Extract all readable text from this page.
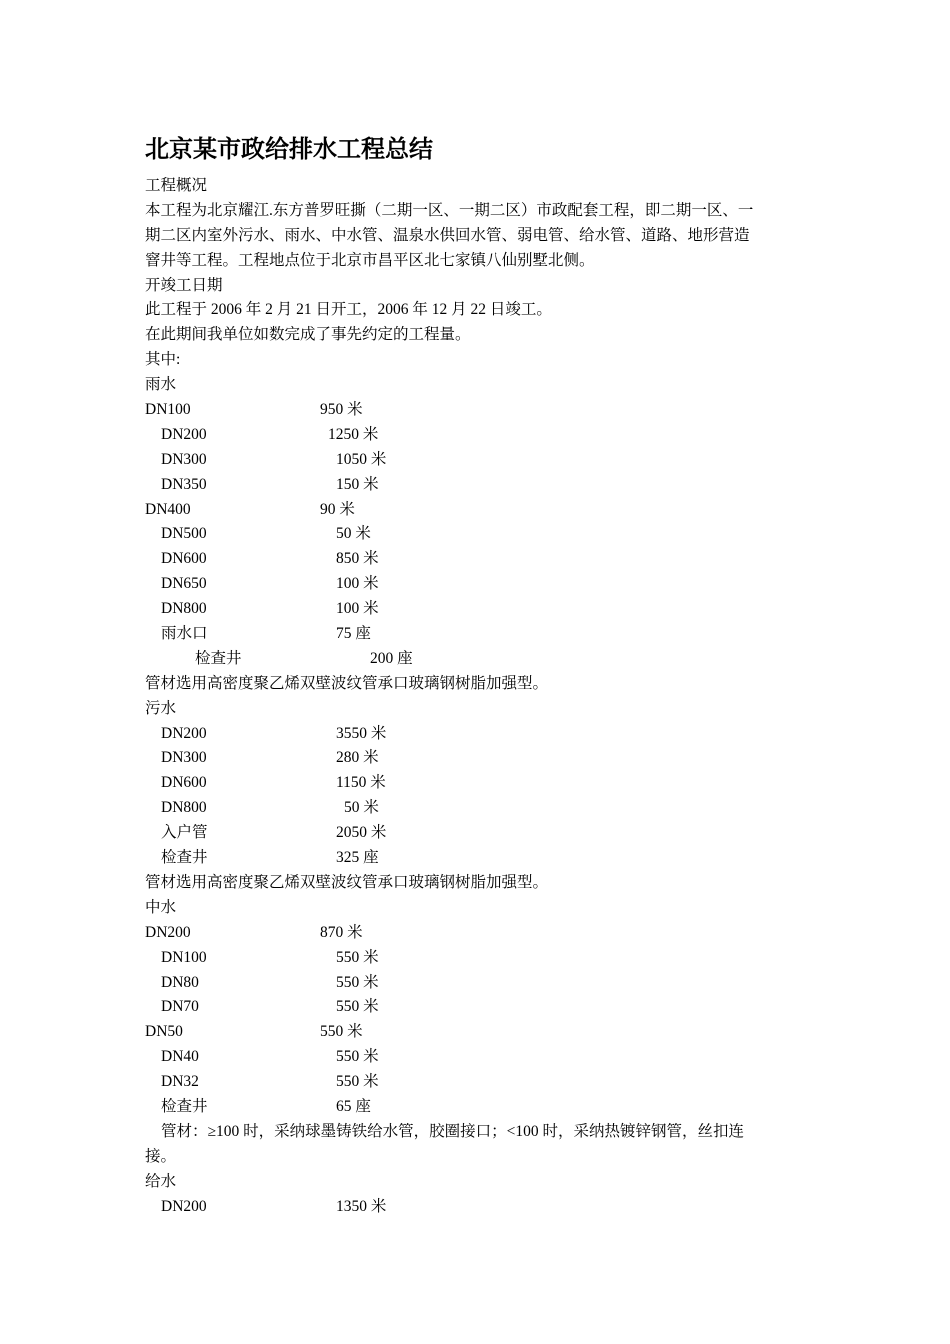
北京某市政给排水工程总结
工程概况
本工程为北京耀江.东方普罗旺撕（二期一区、一期二区）市政配套工程，即二期一区、一
期二区内室外污水、雨水、中水管、温泉水供回水管、弱电管、给水管、道路、地形营造
窨井等工程。工程地点位于北京市昌平区北七家镇八仙别墅北侧。
开竣工日期
此工程于 2006 年 2 月 21 日开工，2006 年 12 月 22 日竣工。
在此期间我单位如数完成了事先约定的工程量。
其中:
雨水
DN100	950 米
DN200	1250 米
DN300	1050 米
DN350	150 米
DN400	90 米
DN500	50 米
DN600	850 米
DN650	100 米
DN800	100 米
雨水口	75 座
检查井	200 座
管材选用高密度聚乙烯双壁波纹管承口玻璃钢树脂加强型。
污水
DN200	3550 米
DN300	280 米
DN600	1150 米
DN800	50 米
入户管	2050 米
检查井	325 座
管材选用高密度聚乙烯双壁波纹管承口玻璃钢树脂加强型。
中水
DN200	870 米
DN100	550 米
DN80	550 米
DN70	550 米
DN50	550 米
DN40	550 米
DN32	550 米
检查井	65 座
管材：≥100 时，采纳球墨铸铁给水管，胶圈接口；<100 时，采纳热镀锌钢管，丝扣连
接。
给水
DN200	1350 米
